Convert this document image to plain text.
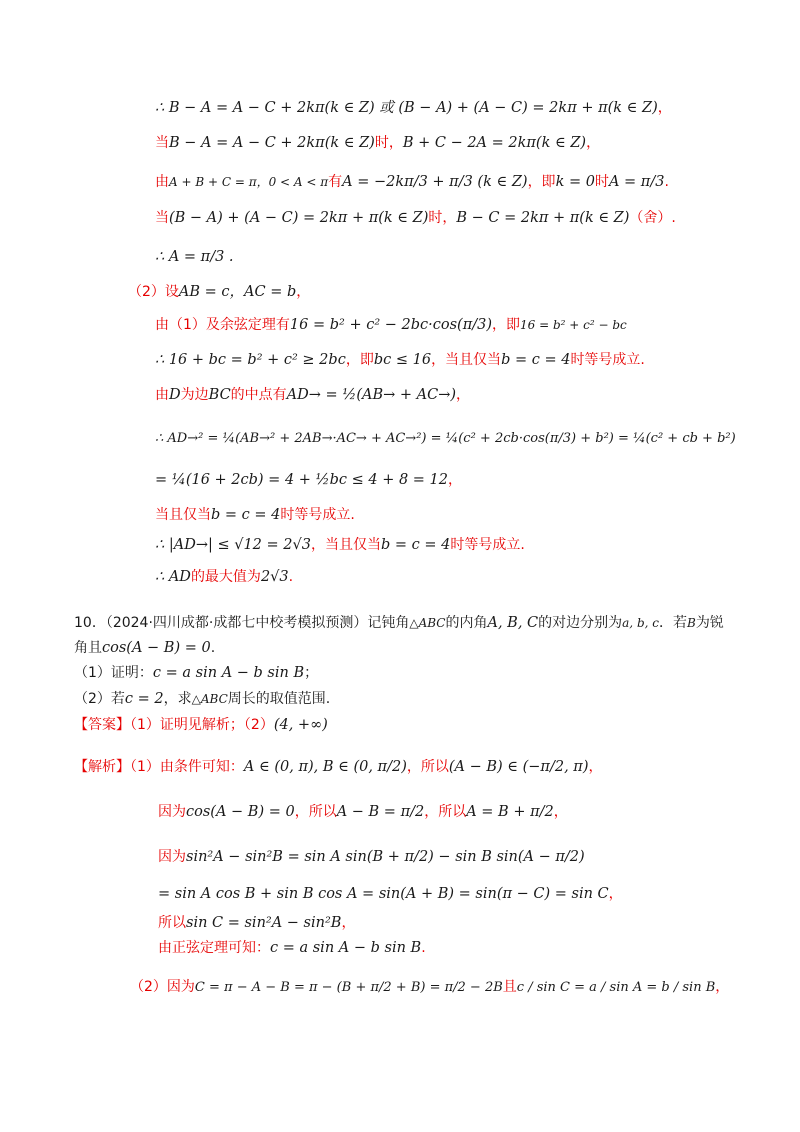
∴ B − A = A − C + 2kπ(k ∈ Z) 或 (B − A) + (A − C) = 2kπ + π(k ∈ Z)，
当B − A = A − C + 2kπ(k ∈ Z)时，B + C − 2A = 2kπ(k ∈ Z)，
由A + B + C = π，0 < A < π有A = −2kπ/3 + π/3 (k ∈ Z)，即k = 0时A = π/3.
当(B − A) + (A − C) = 2kπ + π(k ∈ Z)时，B − C = 2kπ + π(k ∈ Z)（舍）.
∴ A = π/3 .
（2）设AB = c，AC = b，
由（1）及余弦定理有16 = b² + c² − 2bc·cos(π/3)，即16 = b² + c² − bc
∴ 16 + bc = b² + c² ≥ 2bc，即bc ≤ 16，当且仅当b = c = 4时等号成立.
由D为边BC的中点有AD→ = ½(AB→ + AC→)，
∴ AD→² = ¼(AB→² + 2AB→·AC→ + AC→²) = ¼(c² + 2cb·cos(π/3) + b²) = ¼(c² + cb + b²)
= ¼(16 + 2cb) = 4 + ½bc ≤ 4 + 8 = 12，
当且仅当b = c = 4时等号成立.
∴ |AD→| ≤ √12 = 2√3，当且仅当b = c = 4时等号成立.
∴ AD的最大值为2√3.
10．（2024·四川成都·成都七中校考模拟预测）记钝角△ABC的内角A, B, C的对边分别为a, b, c．若B为锐
角且cos(A − B) = 0.
（1）证明：c = a sin A − b sin B；
（2）若c = 2，求△ABC周长的取值范围.
【答案】（1）证明见解析；（2）(4, +∞)
【解析】（1）由条件可知：A ∈ (0, π), B ∈ (0, π/2)，所以(A − B) ∈ (−π/2, π)，
因为cos(A − B) = 0，所以A − B = π/2，所以A = B + π/2，
因为sin²A − sin²B = sin A sin(B + π/2) − sin B sin(A − π/2)
= sin A cos B + sin B cos A = sin(A + B) = sin(π − C) = sin C，
所以sin C = sin²A − sin²B，
由正弦定理可知：c = a sin A − b sin B.
（2）因为C = π − A − B = π − (B + π/2 + B) = π/2 − 2B且c / sin C = a / sin A = b / sin B，
